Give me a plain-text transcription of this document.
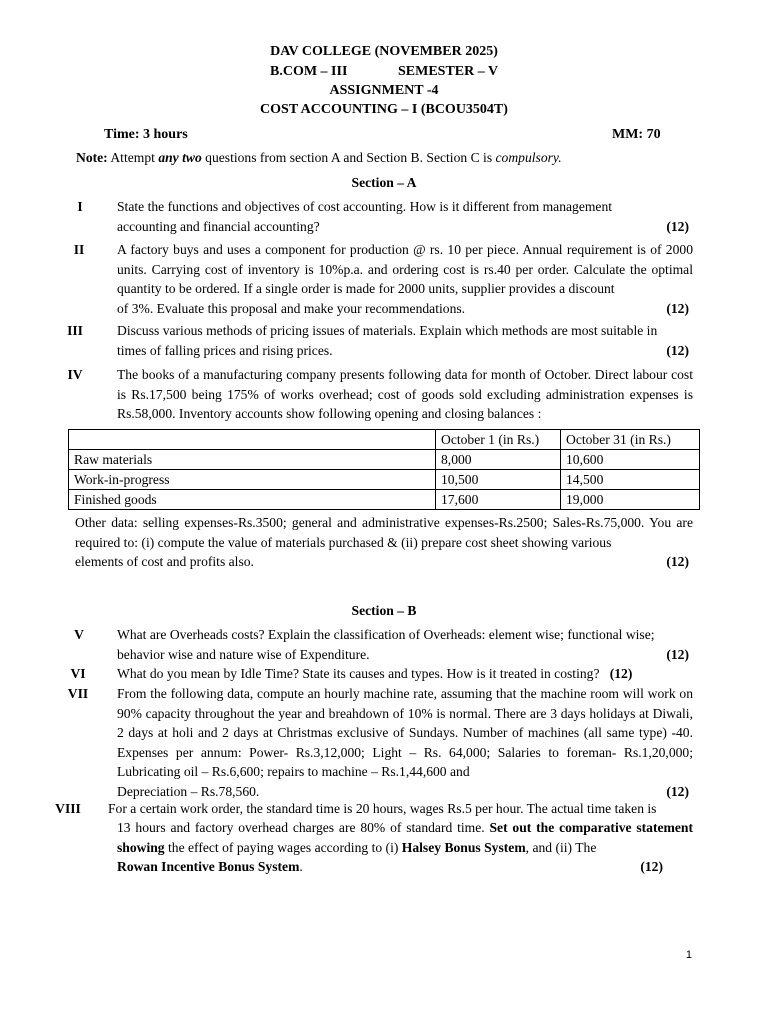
DAV COLLEGE (NOVEMBER 2025)
B.COM – III	SEMESTER – V
ASSIGNMENT -4
COST ACCOUNTING – I (BCOU3504T)
Time: 3 hours	MM: 70
Note: Attempt any two questions from section A and Section B. Section C is compulsory.
Section – A
I	State the functions and objectives of cost accounting. How is it different from management

accounting and financial accounting?	(12)
II	A factory buys and uses a component for production @ rs. 10 per piece. Annual requirement is of 2000 units. Carrying cost of inventory is 10%p.a. and ordering cost is rs.40 per order. Calculate the optimal quantity to be ordered. If a single order is made for 2000 units, supplier provides a discount

of 3%. Evaluate this proposal and make your recommendations.	(12)
III	Discuss various methods of pricing issues of materials. Explain which methods are most suitable in

times of falling prices and rising prices.	(12)
IV	The books of a manufacturing company presents following data for month of October. Direct labour cost is Rs.17,500 being 175% of works overhead; cost of goods sold excluding administration expenses is Rs.58,000. Inventory accounts show following opening and closing balances :

	October 1 (in Rs.)	October 31 (in Rs.)
Raw materials	8,000	10,600
Work-in-progress	10,500	14,500
Finished goods	17,600	19,000

Other data: selling expenses-Rs.3500; general and administrative expenses-Rs.2500; Sales-Rs.75,000. You are required to: (i) compute the value of materials purchased & (ii) prepare cost sheet showing various

elements of cost and profits also.	(12)
Section – B
V	What are Overheads costs? Explain the classification of Overheads: element wise; functional wise;

behavior wise and nature wise of Expenditure.	(12)
VI	What do you mean by Idle Time? State its causes and types. How is it treated in costing? (12)
VII	From the following data, compute an hourly machine rate, assuming that the machine room will work on 90% capacity throughout the year and breahdown of 10% is normal. There are 3 days holidays at Diwali, 2 days at holi and 2 days at Christmas exclusive of Sundays. Number of machines (all same type) -40. Expenses per annum: Power- Rs.3,12,000; Light – Rs. 64,000; Salaries to foreman- Rs.1,20,000; Lubricating oil – Rs.6,600; repairs to machine – Rs.1,44,600 and

Depreciation – Rs.78,560.	(12)
VIII	For a certain work order, the standard time is 20 hours, wages Rs.5 per hour. The actual time taken is

13 hours and factory overhead charges are 80% of standard time. Set out the comparative statement showing the effect of paying wages according to (i) Halsey Bonus System, and (ii) The

Rowan Incentive Bonus System.	(12)
1
